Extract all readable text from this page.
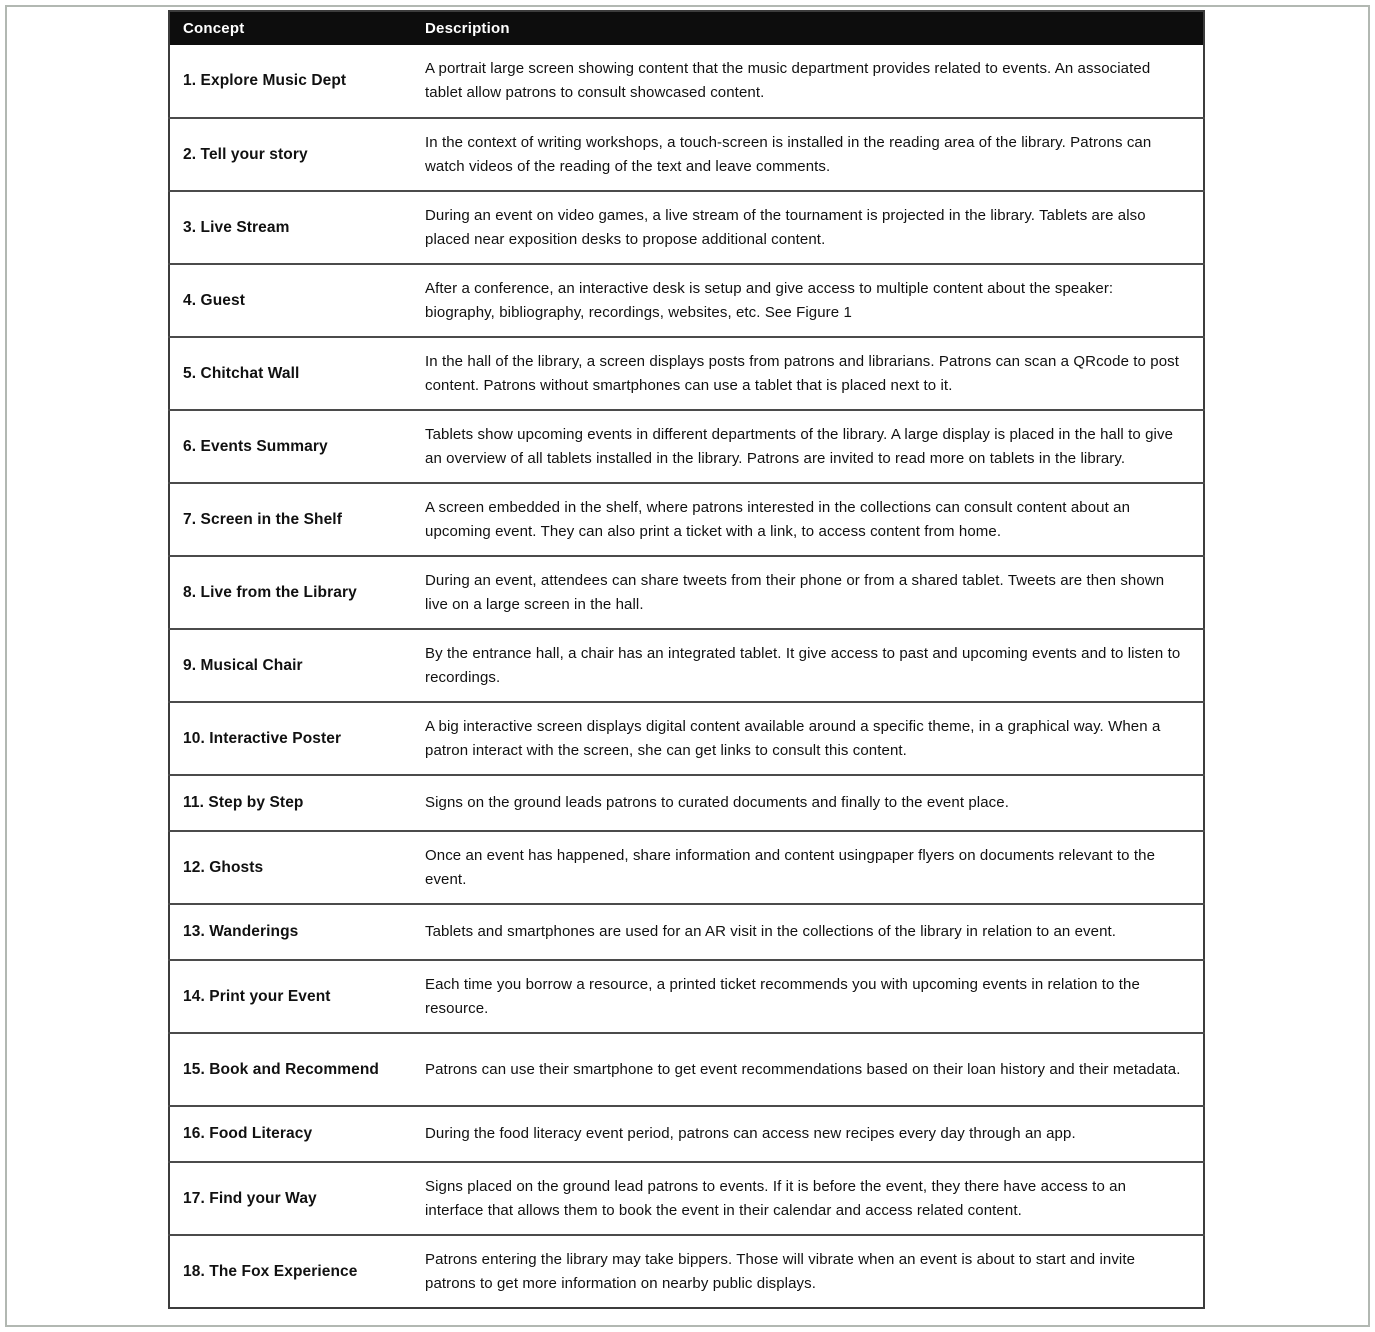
Concept	Description
1. Explore Music Dept	A portrait large screen showing content that the music department provides related to events. An associated tablet allow patrons to consult showcased content.
2. Tell your story	In the context of writing workshops, a touch-screen is installed in the reading area of the library. Patrons can watch videos of the reading of the text and leave comments.
3. Live Stream	During an event on video games, a live stream of the tournament is projected in the library. Tablets are also placed near exposition desks to propose additional content.
4. Guest	After a conference, an interactive desk is setup and give access to multiple content about the speaker: biography, bibliography, recordings, websites, etc. See Figure 1
5. Chitchat Wall	In the hall of the library, a screen displays posts from patrons and librarians. Patrons can scan a QRcode to post content. Patrons without smartphones can use a tablet that is placed next to it.
6. Events Summary	Tablets show upcoming events in different departments of the library. A large display is placed in the hall to give an overview of all tablets installed in the library. Patrons are invited to read more on tablets in the library.
7. Screen in the Shelf	A screen embedded in the shelf, where patrons interested in the collections can consult content about an upcoming event. They can also print a ticket with a link, to access content from home.
8. Live from the Library	During an event, attendees can share tweets from their phone or from a shared tablet. Tweets are then shown live on a large screen in the hall.
9. Musical Chair	By the entrance hall, a chair has an integrated tablet. It give access to past and upcoming events and to listen to recordings.
10. Interactive Poster	A big interactive screen displays digital content available around a specific theme, in a graphical way. When a patron interact with the screen, she can get links to consult this content.
11. Step by Step	Signs on the ground leads patrons to curated documents and finally to the event place.
12. Ghosts	Once an event has happened, share information and content usingpaper flyers on documents relevant to the event.
13. Wanderings	Tablets and smartphones are used for an AR visit in the collections of the library in relation to an event.
14. Print your Event	Each time you borrow a resource, a printed ticket recommends you with upcoming events in relation to the resource.
15. Book and Recommend	Patrons can use their smartphone to get event recommendations based on their loan history and their metadata.
16. Food Literacy	During the food literacy event period, patrons can access new recipes every day through an app.
17. Find your Way	Signs placed on the ground lead patrons to events. If it is before the event, they there have access to an interface that allows them to book the event in their calendar and access related content.
18. The Fox Experience	Patrons entering the library may take bippers. Those will vibrate when an event is about to start and invite patrons to get more information on nearby public displays.
